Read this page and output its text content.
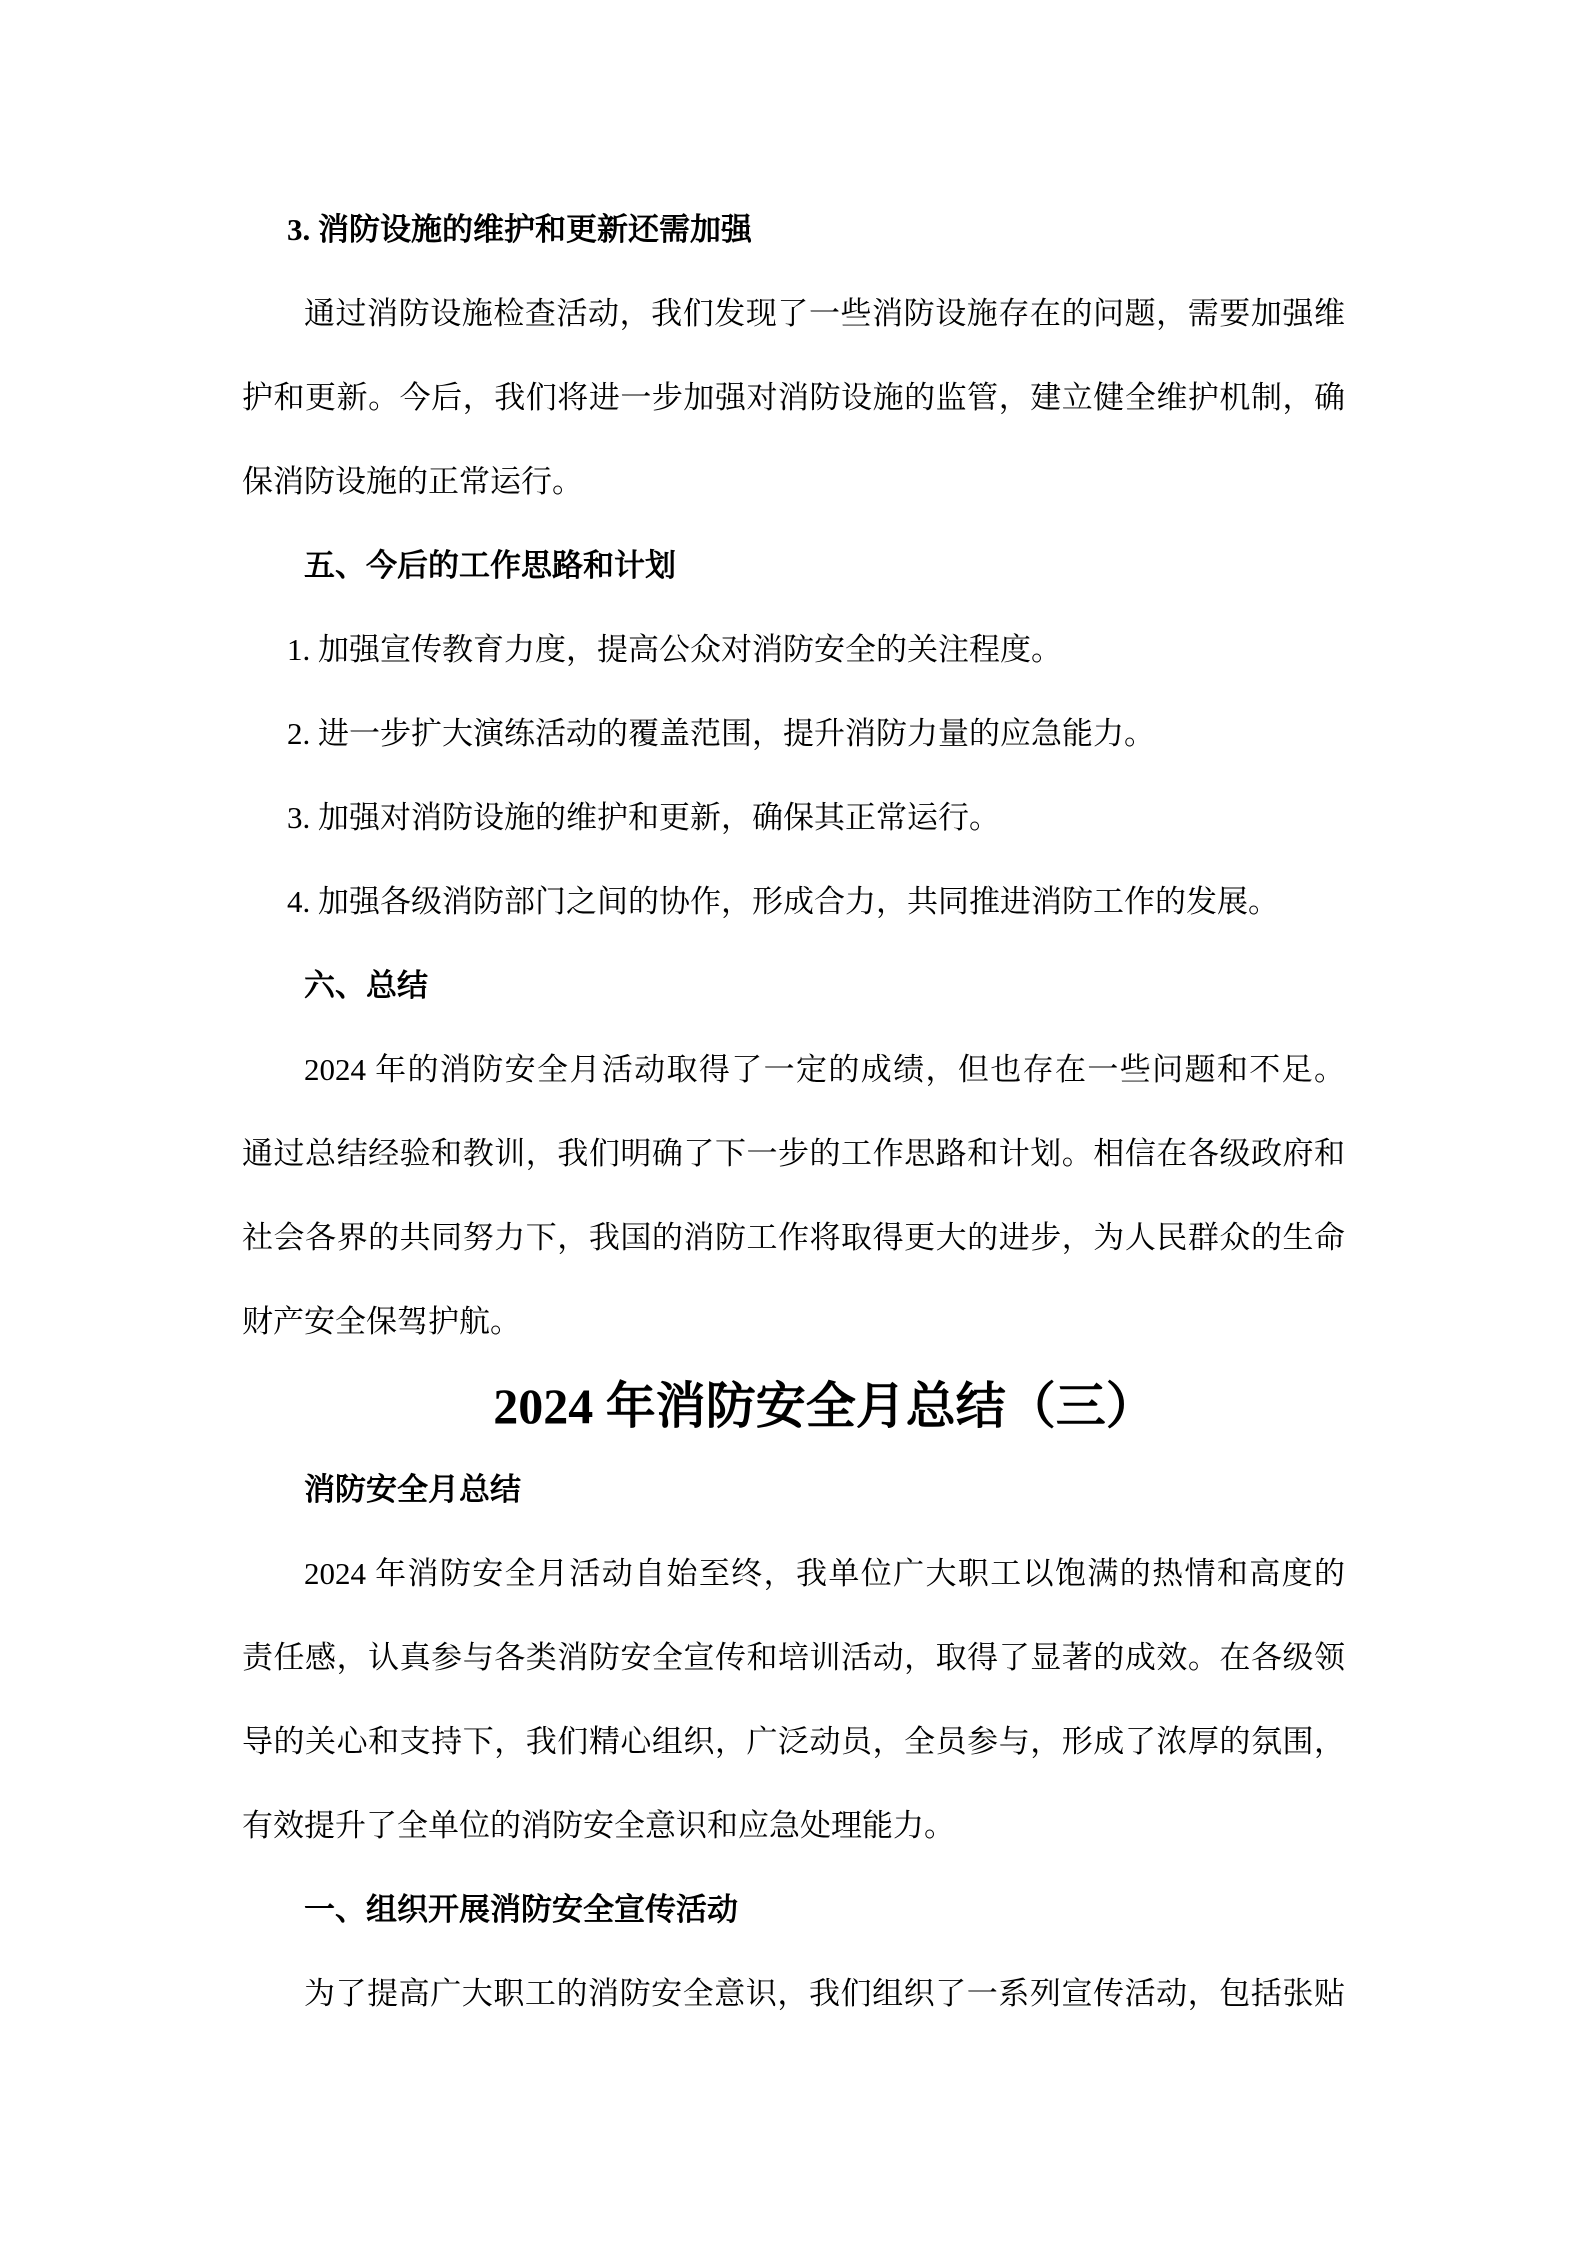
3. 消防设施的维护和更新还需加强
通过消防设施检查活动，我们发现了一些消防设施存在的问题，需要加强维
护和更新。今后，我们将进一步加强对消防设施的监管，建立健全维护机制，确
保消防设施的正常运行。
五、今后的工作思路和计划
1. 加强宣传教育力度，提高公众对消防安全的关注程度。
2. 进一步扩大演练活动的覆盖范围，提升消防力量的应急能力。
3. 加强对消防设施的维护和更新，确保其正常运行。
4. 加强各级消防部门之间的协作，形成合力，共同推进消防工作的发展。
六、总结
2024 年的消防安全月活动取得了一定的成绩，但也存在一些问题和不足。
通过总结经验和教训，我们明确了下一步的工作思路和计划。相信在各级政府和
社会各界的共同努力下，我国的消防工作将取得更大的进步，为人民群众的生命
财产安全保驾护航。
2024 年消防安全月总结（三）
消防安全月总结
2024 年消防安全月活动自始至终，我单位广大职工以饱满的热情和高度的
责任感，认真参与各类消防安全宣传和培训活动，取得了显著的成效。在各级领
导的关心和支持下，我们精心组织，广泛动员，全员参与，形成了浓厚的氛围，
有效提升了全单位的消防安全意识和应急处理能力。
一、组织开展消防安全宣传活动
为了提高广大职工的消防安全意识，我们组织了一系列宣传活动，包括张贴
